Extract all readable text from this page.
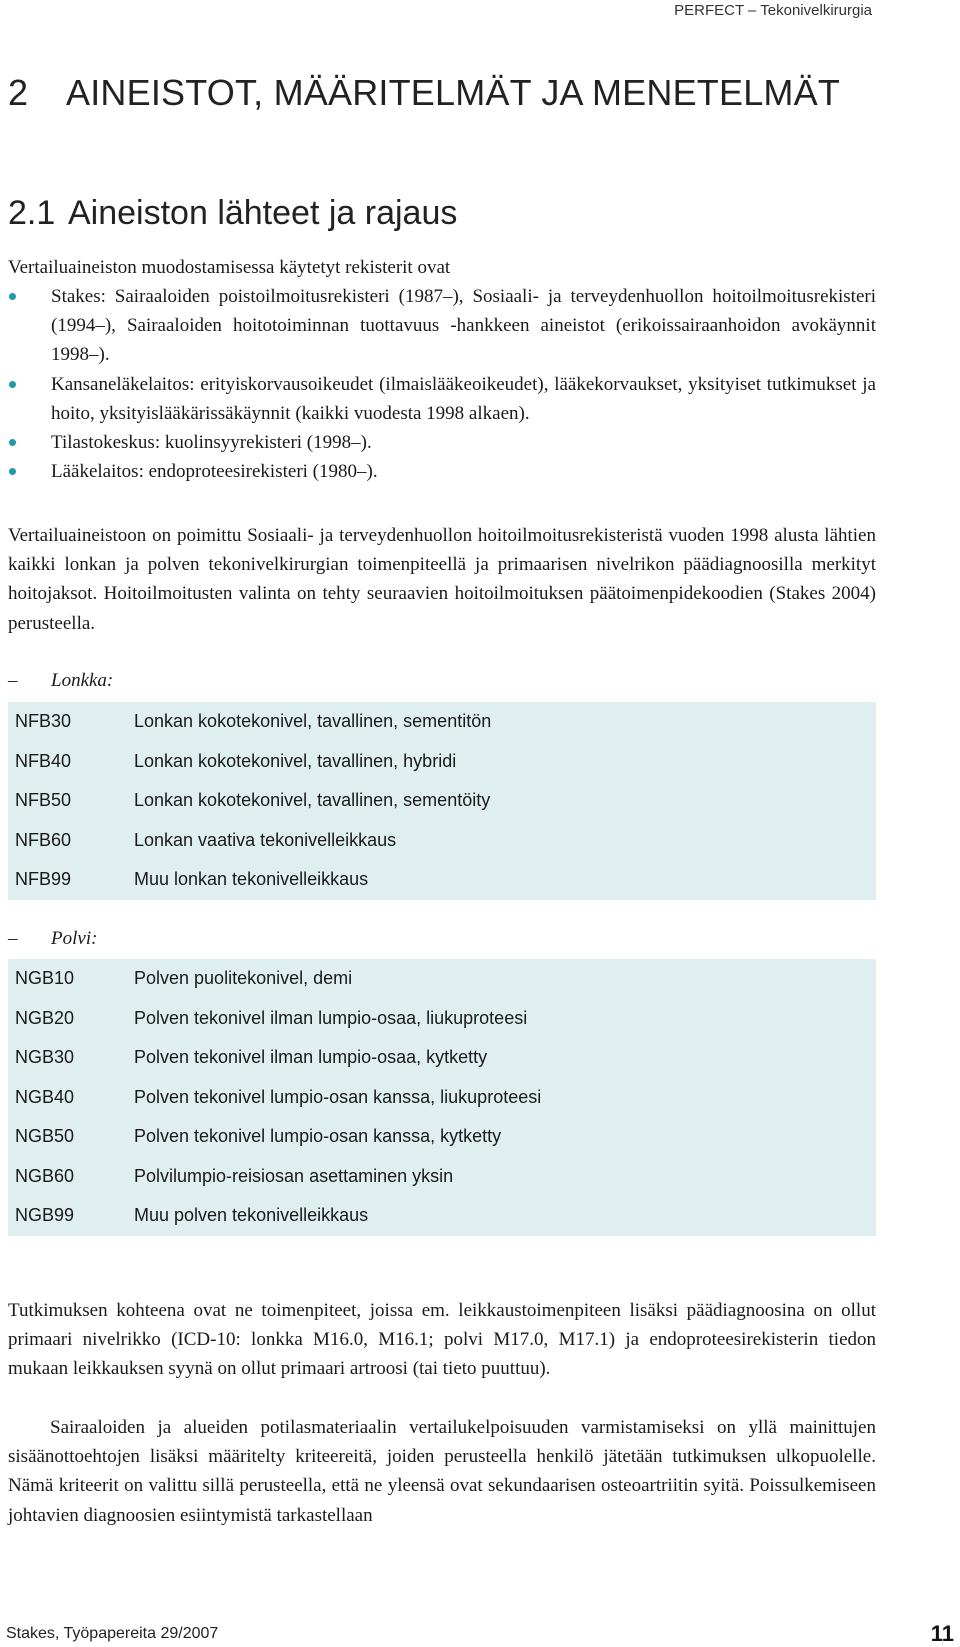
PERFECT – Tekonivelkirurgia
2 AINEISTOT, MÄÄRITELMÄT JA MENETELMÄT
2.1 Aineiston lähteet ja rajaus
Vertailuaineiston muodostamisessa käytetyt rekisterit ovat
Stakes: Sairaaloiden poistoilmoitusrekisteri (1987–), Sosiaali- ja terveydenhuollon hoitoilmoitusrekisteri (1994–), Sairaaloiden hoitotoiminnan tuottavuus -hankkeen aineistot (erikoissairaanhoidon avokäynnit 1998–).
Kansaneläkelaitos: erityiskorvausoikeudet (ilmaislääkeoikeudet), lääkekorvaukset, yksityiset tutkimukset ja hoito, yksityislääkärissäkäynnit (kaikki vuodesta 1998 alkaen).
Tilastokeskus: kuolinsyyrekisteri (1998–).
Lääkelaitos: endoproteesirekisteri (1980–).
Vertailuaineistoon on poimittu Sosiaali- ja terveydenhuollon hoitoilmoitusrekisteristä vuoden 1998 alusta lähtien kaikki lonkan ja polven tekonivelkirurgian toimenpiteellä ja primaarisen nivelrikon päädiagnoosilla merkityt hoitojaksot. Hoitoilmoitusten valinta on tehty seuraavien hoitoilmoituksen päätoimenpidekoodien (Stakes 2004) perusteella.
– Lonkka:
NFB30	Lonkan kokotekonivel, tavallinen, sementitön
NFB40	Lonkan kokotekonivel, tavallinen, hybridi
NFB50	Lonkan kokotekonivel, tavallinen, sementöity
NFB60	Lonkan vaativa tekonivelleikkaus
NFB99	Muu lonkan tekonivelleikkaus
– Polvi:
NGB10	Polven puolitekonivel, demi
NGB20	Polven tekonivel ilman lumpio-osaa, liukuproteesi
NGB30	Polven tekonivel ilman lumpio-osaa, kytketty
NGB40	Polven tekonivel lumpio-osan kanssa, liukuproteesi
NGB50	Polven tekonivel lumpio-osan kanssa, kytketty
NGB60	Polvilumpio-reisiosan asettaminen yksin
NGB99	Muu polven tekonivelleikkaus
Tutkimuksen kohteena ovat ne toimenpiteet, joissa em. leikkaustoimenpiteen lisäksi päädiagnoosina on ollut primaari nivelrikko (ICD-10: lonkka M16.0, M16.1; polvi M17.0, M17.1) ja endoproteesirekisterin tiedon mukaan leikkauksen syynä on ollut primaari artroosi (tai tieto puuttuu).
Sairaaloiden ja alueiden potilasmateriaalin vertailukelpoisuuden varmistamiseksi on yllä mainittujen sisäänottoehtojen lisäksi määritelty kriteereitä, joiden perusteella henkilö jätetään tutkimuksen ulkopuolelle. Nämä kriteerit on valittu sillä perusteella, että ne yleensä ovat sekundaarisen osteoartriitin syitä. Poissulkemiseen johtavien diagnoosien esiintymistä tarkastellaan
Stakes, Työpapereita 29/2007	11
